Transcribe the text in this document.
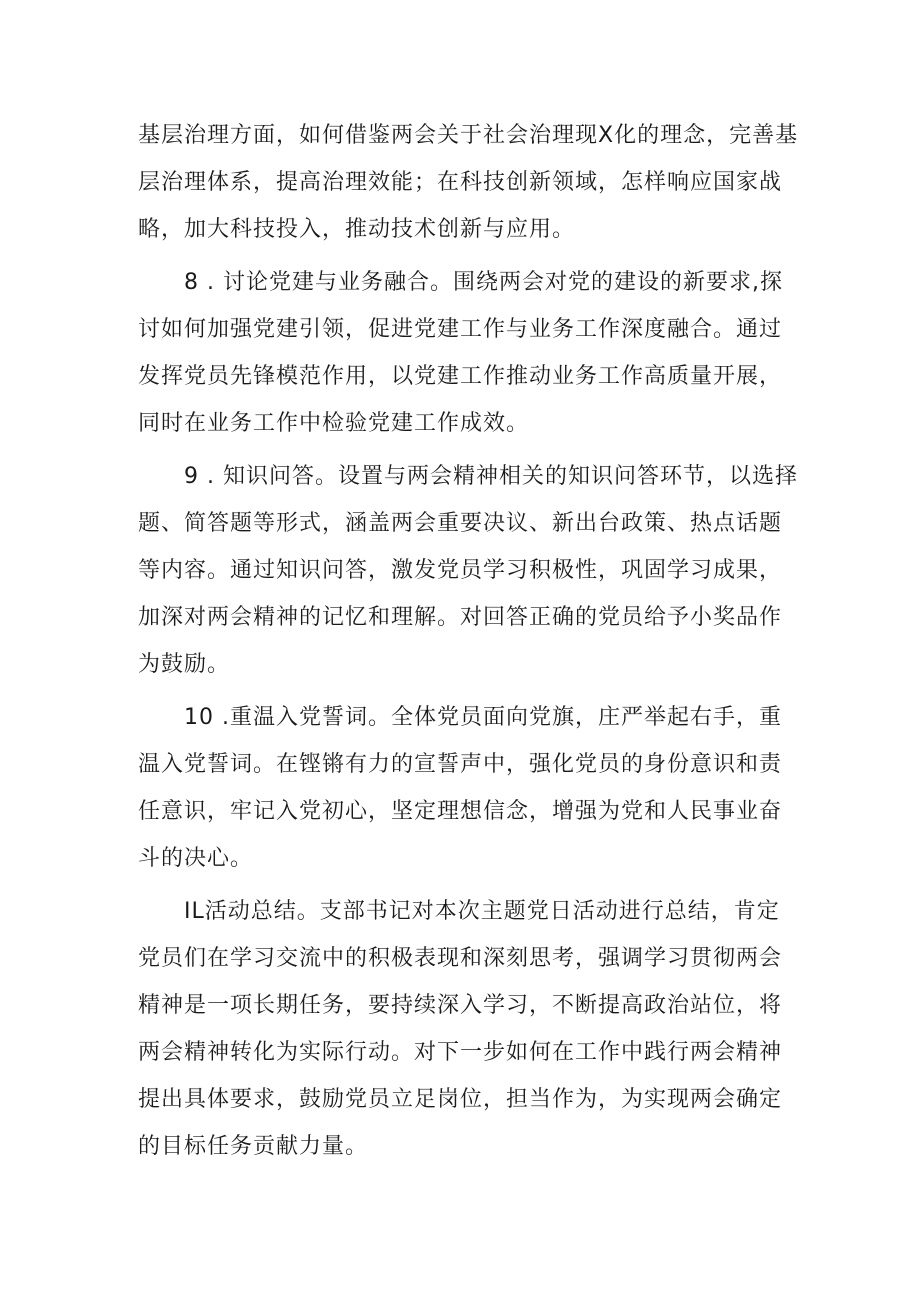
基层治理方面，如何借鉴两会关于社会治理现X化的理念，完善基
层治理体系，提高治理效能；在科技创新领域，怎样响应国家战
略，加大科技投入，推动技术创新与应用。
　　8 . 讨论党建与业务融合。围绕两会对党的建设的新要求,探
讨如何加强党建引领，促进党建工作与业务工作深度融合。通过
发挥党员先锋模范作用，以党建工作推动业务工作高质量开展，
同时在业务工作中检验党建工作成效。
　　9 . 知识问答。设置与两会精神相关的知识问答环节，以选择
题、简答题等形式，涵盖两会重要决议、新出台政策、热点话题
等内容。通过知识问答，激发党员学习积极性，巩固学习成果，
加深对两会精神的记忆和理解。对回答正确的党员给予小奖品作
为鼓励。
　　10 .重温入党誓词。全体党员面向党旗，庄严举起右手，重
温入党誓词。在铿锵有力的宣誓声中，强化党员的身份意识和责
任意识，牢记入党初心，坚定理想信念，增强为党和人民事业奋
斗的决心。
　　IL活动总结。支部书记对本次主题党日活动进行总结，肯定
党员们在学习交流中的积极表现和深刻思考，强调学习贯彻两会
精神是一项长期任务，要持续深入学习，不断提高政治站位，将
两会精神转化为实际行动。对下一步如何在工作中践行两会精神
提出具体要求，鼓励党员立足岗位，担当作为，为实现两会确定
的目标任务贡献力量。
